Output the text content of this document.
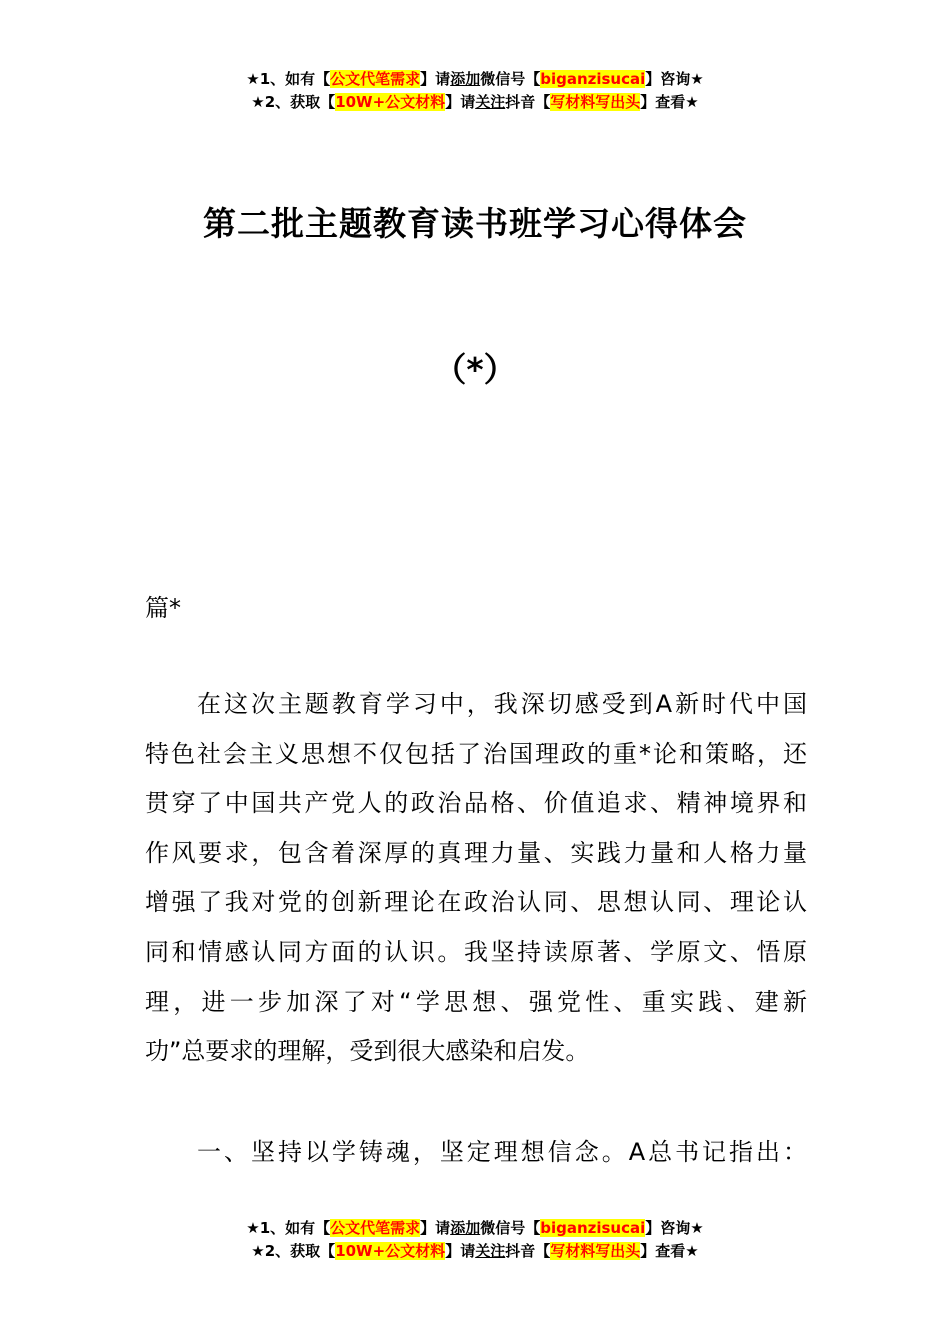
★1、如有【公文代笔需求】请添加微信号【biganzisucai】咨询★
★2、获取【10W+公文材料】请关注抖音【写材料写出头】查看★
第二批主题教育读书班学习心得体会
（*）
篇*
在这次主题教育学习中，我深切感受到A新时代中国
特色社会主义思想不仅包括了治国理政的重*论和策略，还
贯穿了中国共产党人的政治品格、价值追求、精神境界和
作风要求，包含着深厚的真理力量、实践力量和人格力量
增强了我对党的创新理论在政治认同、思想认同、理论认
同和情感认同方面的认识。我坚持读原著、学原文、悟原
理，进一步加深了对“学思想、强党性、重实践、建新
功”总要求的理解，受到很大感染和启发。
一、坚持以学铸魂，坚定理想信念。A总书记指出：
★1、如有【公文代笔需求】请添加微信号【biganzisucai】咨询★
★2、获取【10W+公文材料】请关注抖音【写材料写出头】查看★
